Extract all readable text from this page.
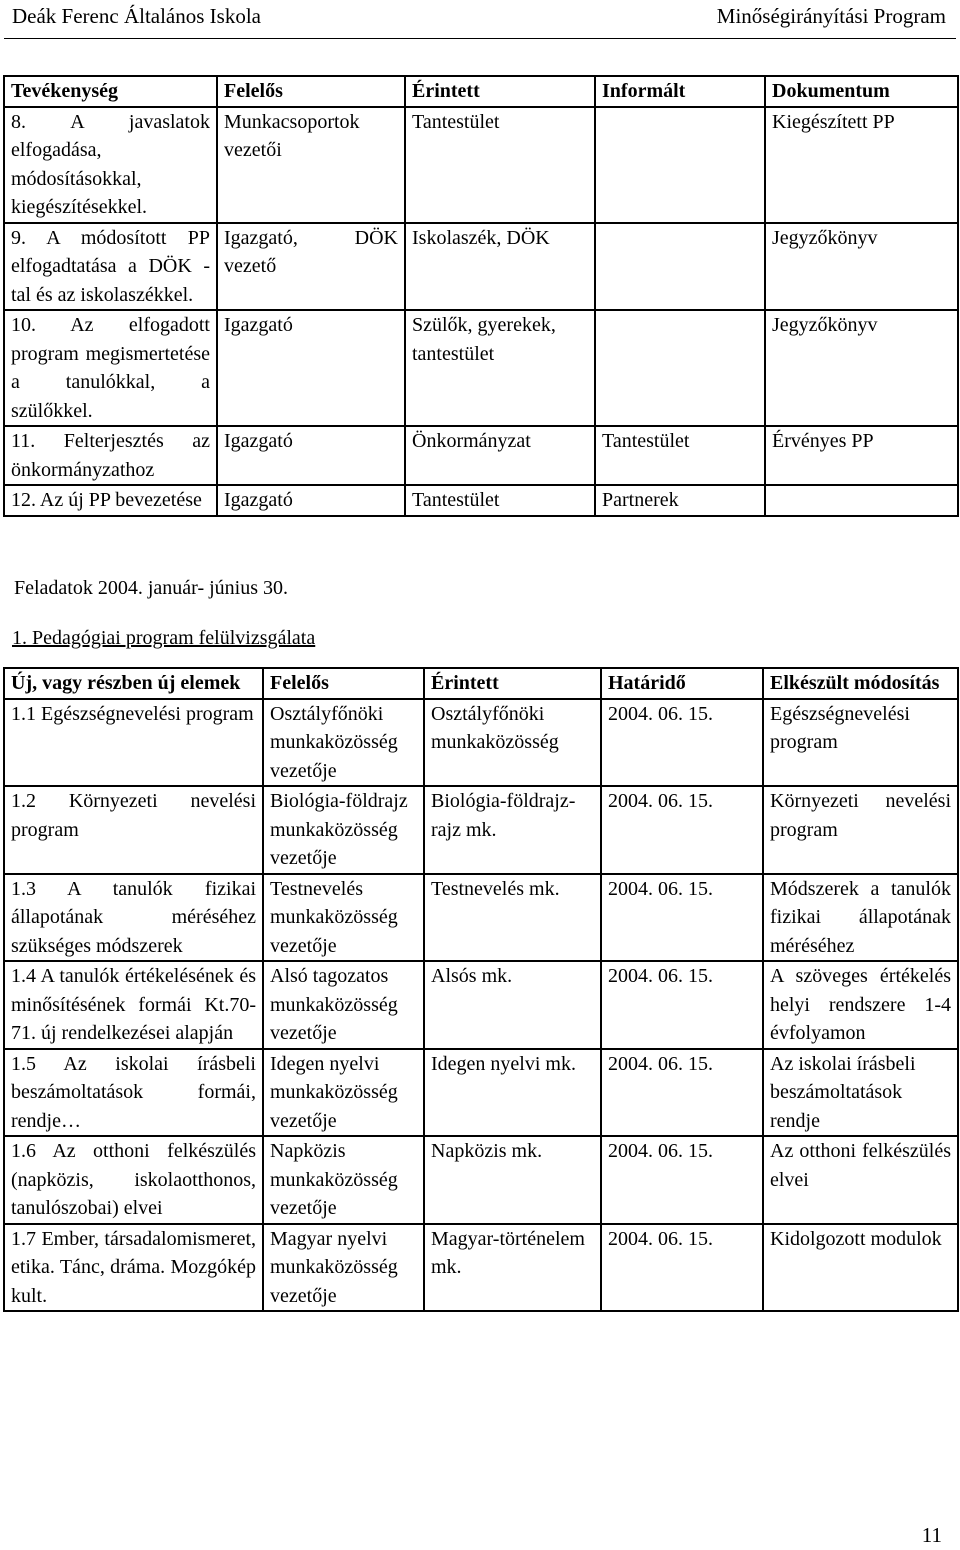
Deák Ferenc Általános Iskola	Minőségirányítási Program
Tevékenység	Felelős	Érintett	Informált	Dokumentum
8. A javaslatok elfogadása, módosításokkal, kiegészítésekkel.	Munkacsoportok vezetői	Tantestület		Kiegészített PP
9. A módosított PP elfogadtatása a DÖK -tal és az iskolaszékkel.	Igazgató, DÖK vezető	Iskolaszék, DÖK		Jegyzőkönyv
10. Az elfogadott program megismertetése a tanulókkal, a szülőkkel.	Igazgató	Szülők, gyerekek, tantestület		Jegyzőkönyv
11. Felterjesztés az önkormányzathoz	Igazgató	Önkormányzat	Tantestület	Érvényes PP
12. Az új PP bevezetése	Igazgató	Tantestület	Partnerek	
Feladatok 2004. január- június 30.
1. Pedagógiai program felülvizsgálata
Új, vagy részben új elemek	Felelős	Érintett	Határidő	Elkészült módosítás
1.1 Egészségnevelési program	Osztályfőnöki munkaközösség vezetője	Osztályfőnöki munkaközösség	2004. 06. 15.	Egészségnevelési program
1.2 Környezeti nevelési program	Biológia-földrajz munkaközösség vezetője	Biológia-földrajz-rajz mk.	2004. 06. 15.	Környezeti nevelési program
1.3 A tanulók fizikai állapotának méréséhez szükséges módszerek	Testnevelés munkaközösség vezetője	Testnevelés mk.	2004. 06. 15.	Módszerek a tanulók fizikai állapotának méréséhez
1.4 A tanulók értékelésének és minősítésének formái Kt.70-71. új rendelkezései alapján	Alsó tagozatos munkaközösség vezetője	Alsós mk.	2004. 06. 15.	A szöveges értékelés helyi rendszere 1-4 évfolyamon
1.5 Az iskolai írásbeli beszámoltatások formái, rendje…	Idegen nyelvi munkaközösség vezetője	Idegen nyelvi mk.	2004. 06. 15.	Az iskolai írásbeli beszámoltatások rendje
1.6 Az otthoni felkészülés (napközis, iskolaotthonos, tanulószobai) elvei	Napközis munkaközösség vezetője	Napközis mk.	2004. 06. 15.	Az otthoni felkészülés elvei
1.7 Ember, társadalomismeret, etika. Tánc, dráma. Mozgókép kult.	Magyar nyelvi munkaközösség vezetője	Magyar-történelem mk.	2004. 06. 15.	Kidolgozott modulok
11
